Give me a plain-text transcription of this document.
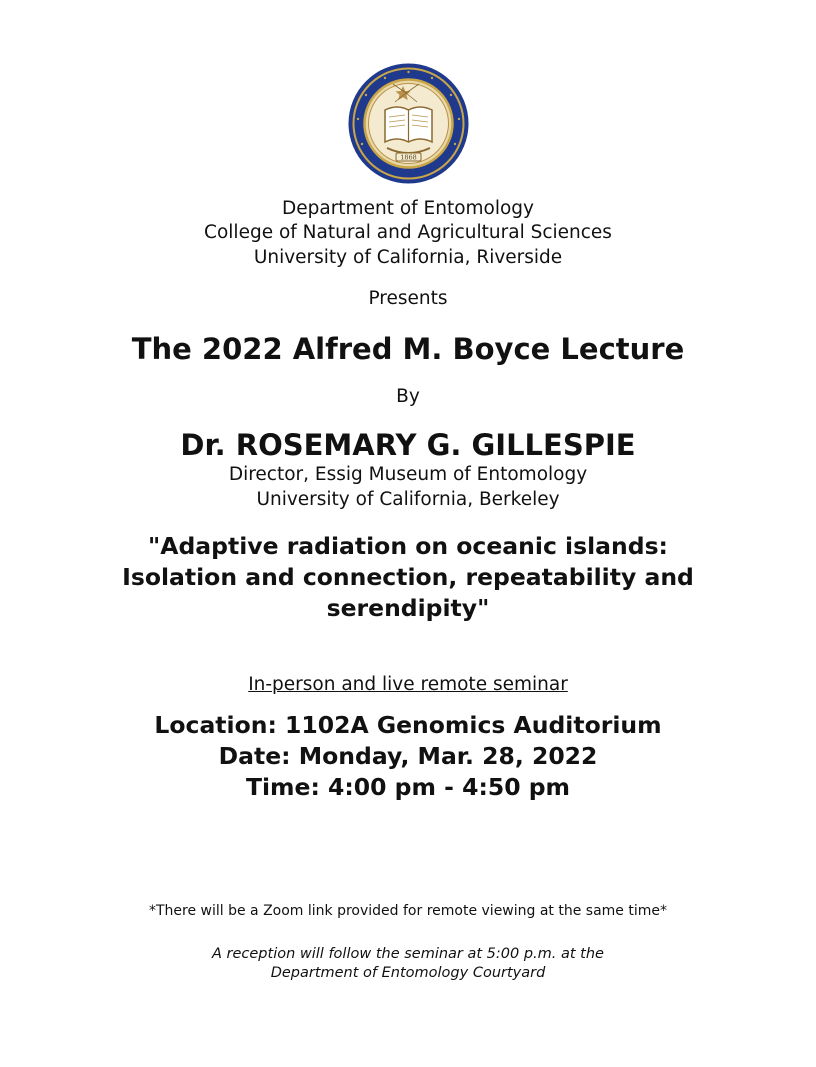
1868
Department of Entomology
College of Natural and Agricultural Sciences
University of California, Riverside
Presents
The 2022 Alfred M. Boyce Lecture
By
Dr. ROSEMARY G. GILLESPIE
Director, Essig Museum of Entomology
University of California, Berkeley
"Adaptive radiation on oceanic islands:
Isolation and connection, repeatability and
serendipity"
In-person and live remote seminar
Location: 1102A Genomics Auditorium
Date: Monday, Mar. 28, 2022
Time: 4:00 pm - 4:50 pm
*There will be a Zoom link provided for remote viewing at the same time*
A reception will follow the seminar at 5:00 p.m. at the
Department of Entomology Courtyard
